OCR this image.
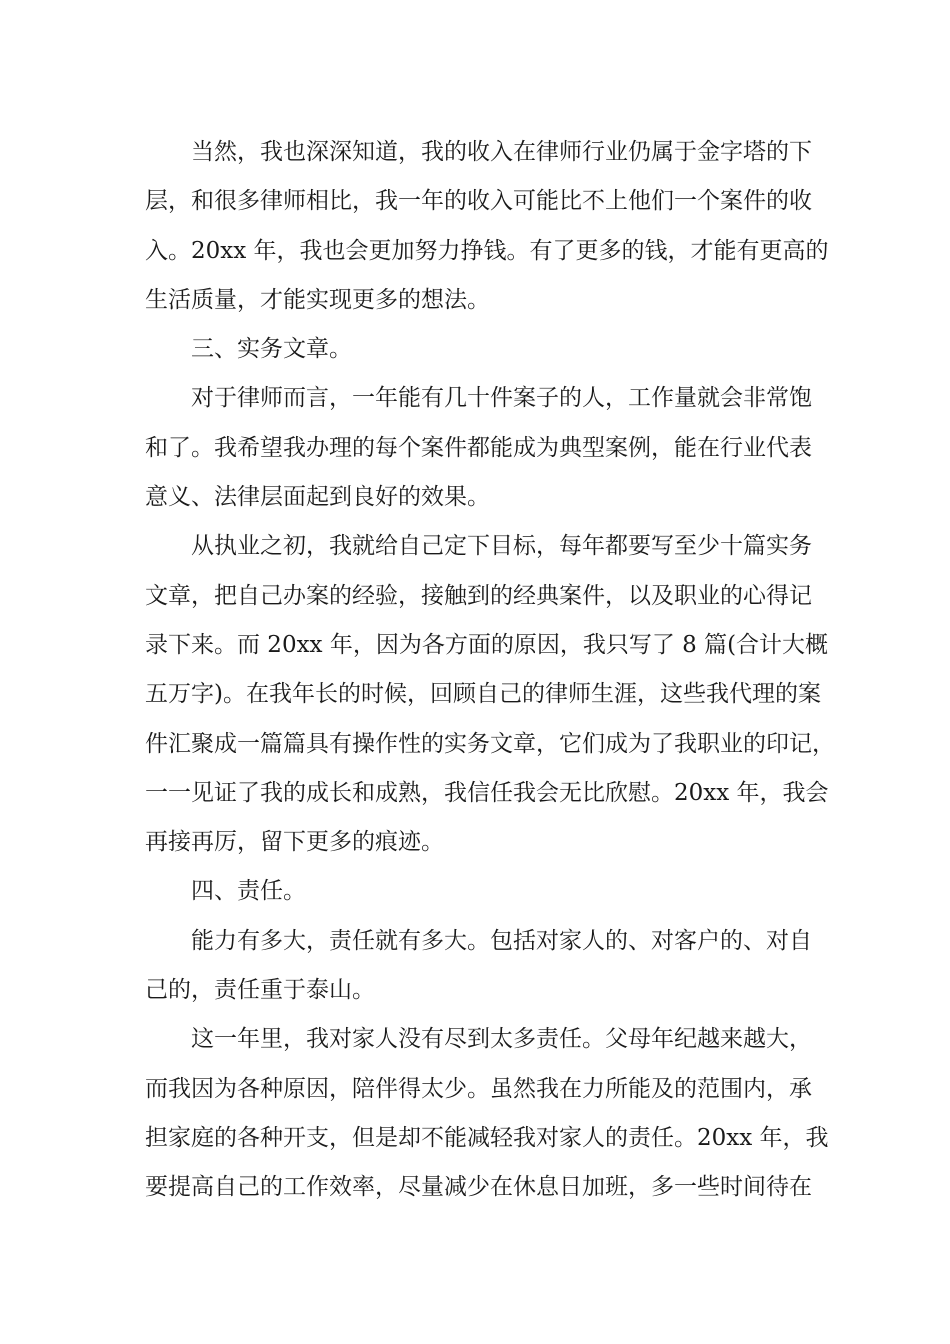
当然，我也深深知道，我的收入在律师行业仍属于金字塔的下
层，和很多律师相比，我一年的收入可能比不上他们一个案件的收
入。20xx 年，我也会更加努力挣钱。有了更多的钱，才能有更高的
生活质量，才能实现更多的想法。
三、实务文章。
对于律师而言，一年能有几十件案子的人，工作量就会非常饱
和了。我希望我办理的每个案件都能成为典型案例，能在行业代表
意义、法律层面起到良好的效果。
从执业之初，我就给自己定下目标，每年都要写至少十篇实务
文章，把自己办案的经验，接触到的经典案件，以及职业的心得记
录下来。而 20xx 年，因为各方面的原因，我只写了 8 篇(合计大概
五万字)。在我年长的时候，回顾自己的律师生涯，这些我代理的案
件汇聚成一篇篇具有操作性的实务文章，它们成为了我职业的印记，
一一见证了我的成长和成熟，我信任我会无比欣慰。20xx 年，我会
再接再厉，留下更多的痕迹。
四、责任。
能力有多大，责任就有多大。包括对家人的、对客户的、对自
己的，责任重于泰山。
这一年里，我对家人没有尽到太多责任。父母年纪越来越大，
而我因为各种原因，陪伴得太少。虽然我在力所能及的范围内，承
担家庭的各种开支，但是却不能减轻我对家人的责任。20xx 年，我
要提高自己的工作效率，尽量减少在休息日加班，多一些时间待在
